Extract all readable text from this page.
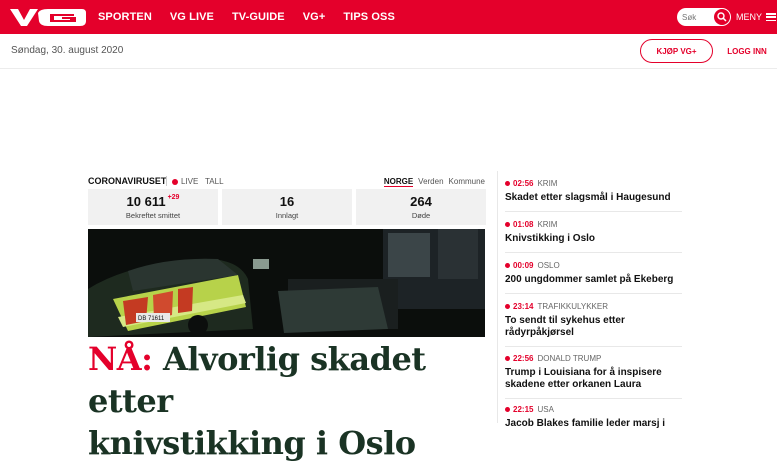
SPORTEN VG LIVE TV-GUIDE VG+ TIPS OSS
Søk	MENY
Søndag, 30. august 2020	KJØP VG+	LOGG INN
CORONAVIRUSET LIVE TALL	NORGE Verden Kommune
10 611 $^{+29}$
Bekreftet smittet
16
Innlagt
264
Døde
DB 71611
NÅ: Alvorlig skadet etter
knivstikking i Oslo
02:56 KRIM
Skadet etter slagsmål i Haugesund
01:08 KRIM
Knivstikking i Oslo
00:09 OSLO
200 ungdommer samlet på Ekeberg
23:14 TRAFIKKULYKKER
To sendt til sykehus etter rådyrpåkjørsel
22:56 DONALD TRUMP
Trump i Louisiana for å inspisere skadene etter orkanen Laura
22:15 USA
Jacob Blakes familie leder marsj i
